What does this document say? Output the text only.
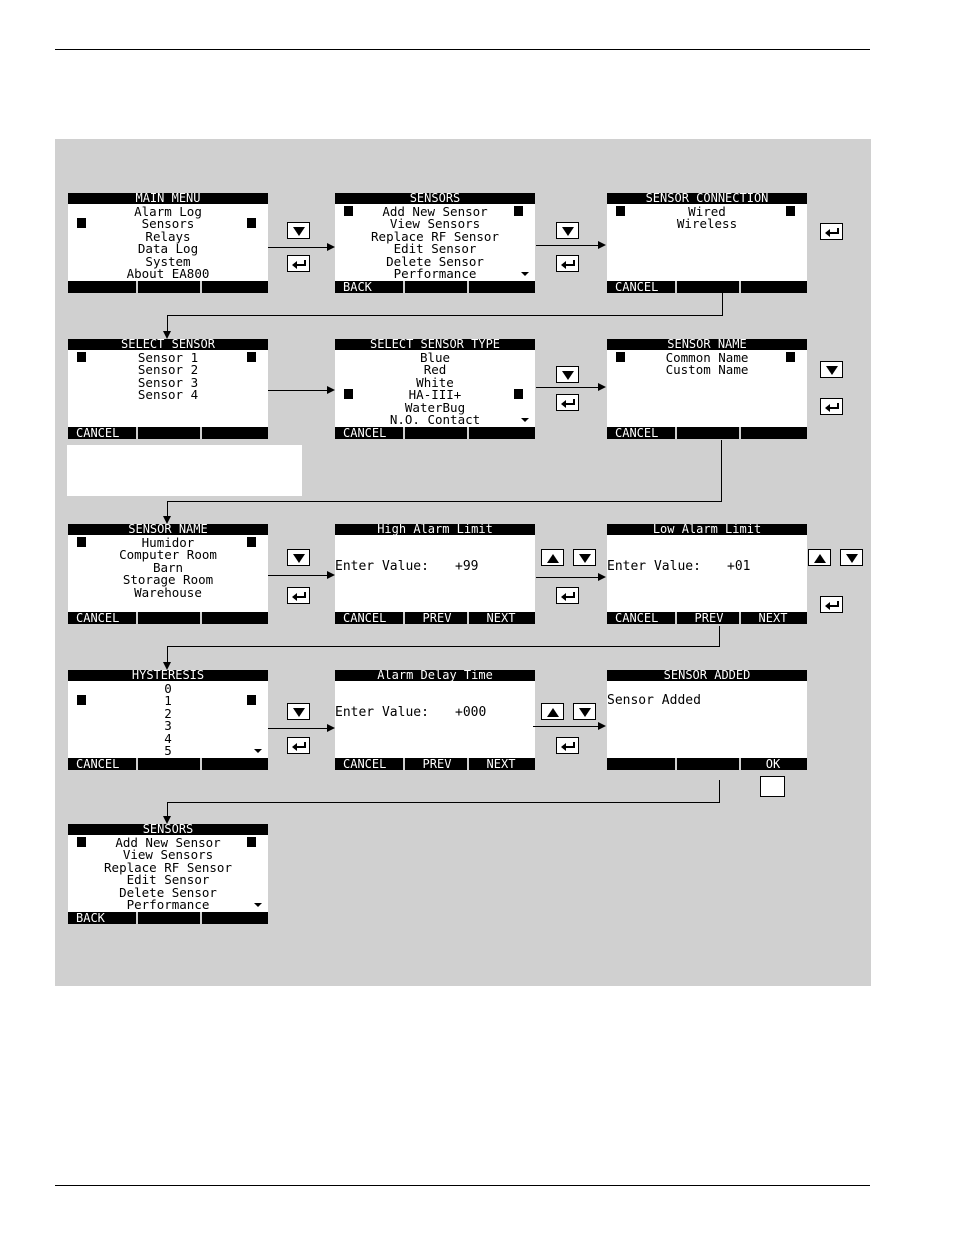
MAIN MENU
Alarm Log
Sensors
Relays
Data Log
System
About EA800
SENSORS
Add New Sensor
View Sensors
Replace RF Sensor
Edit Sensor
Delete Sensor
Performance
BACK
SENSOR CONNECTION
Wired
Wireless
CANCEL
SELECT SENSOR
Sensor 1
Sensor 2
Sensor 3
Sensor 4
CANCEL
SELECT SENSOR TYPE
Blue
Red
White
HA-III+
WaterBug
N.O. Contact
CANCEL
SENSOR NAME
Common Name
Custom Name
CANCEL
SENSOR NAME
Humidor
Computer Room
Barn
Storage Room
Warehouse
CANCEL
High Alarm Limit
Enter Value: +99
CANCEL	PREV	NEXT
Low Alarm Limit
Enter Value: +01
CANCEL	PREV	NEXT
HYSTERESIS
0
1
2
3
4
5
CANCEL
Alarm Delay Time
Enter Value: +000
CANCEL	PREV	NEXT
SENSOR ADDED
Sensor Added
OK
SENSORS
Add New Sensor
View Sensors
Replace RF Sensor
Edit Sensor
Delete Sensor
Performance
BACK
